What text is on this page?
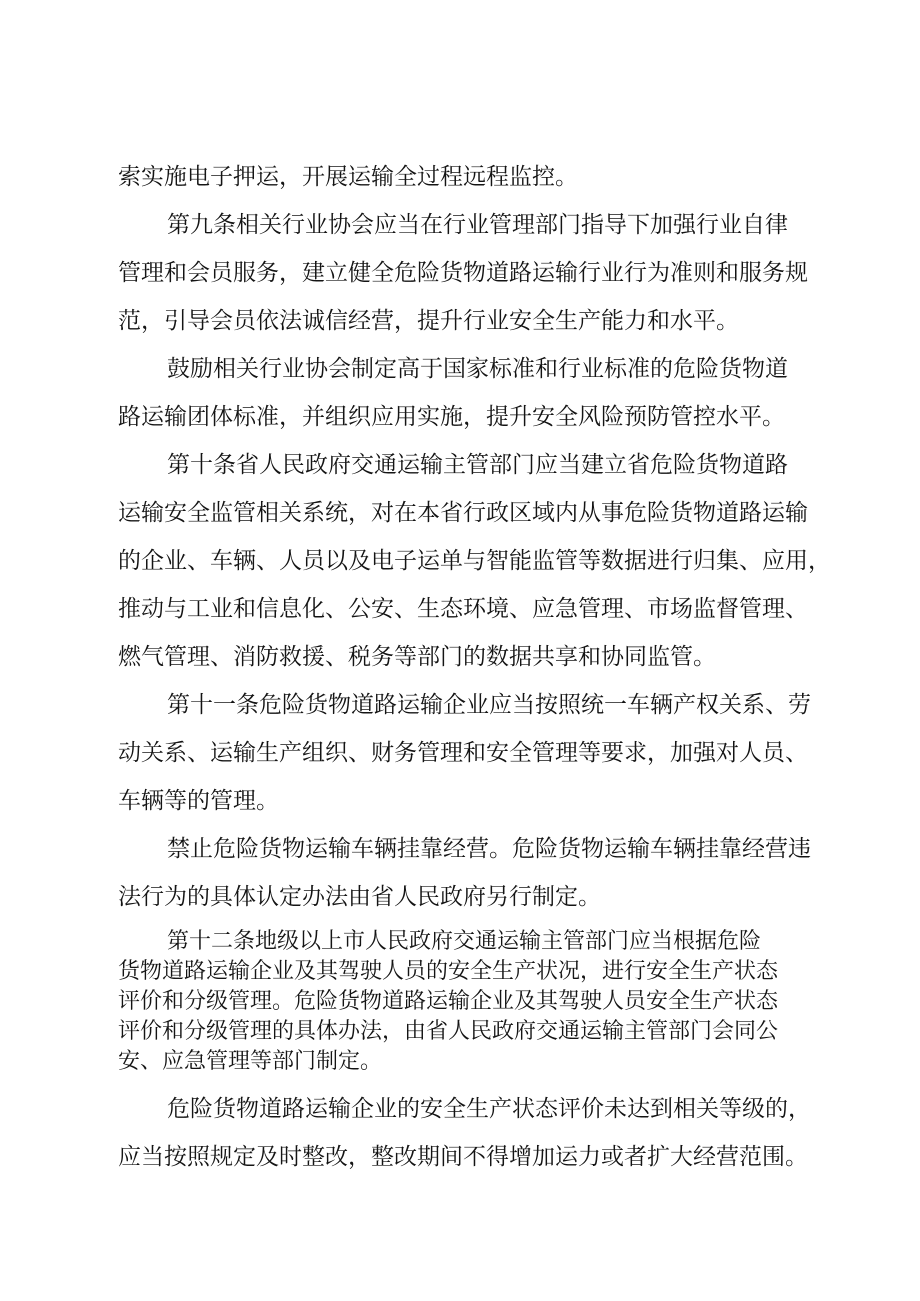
索实施电子押运，开展运输全过程远程监控。
第九条相关行业协会应当在行业管理部门指导下加强行业自律
管理和会员服务，建立健全危险货物道路运输行业行为准则和服务规
范，引导会员依法诚信经营，提升行业安全生产能力和水平。
鼓励相关行业协会制定高于国家标准和行业标准的危险货物道
路运输团体标准，并组织应用实施，提升安全风险预防管控水平。
第十条省人民政府交通运输主管部门应当建立省危险货物道路
运输安全监管相关系统，对在本省行政区域内从事危险货物道路运输
的企业、车辆、人员以及电子运单与智能监管等数据进行归集、应用，
推动与工业和信息化、公安、生态环境、应急管理、市场监督管理、
燃气管理、消防救援、税务等部门的数据共享和协同监管。
第十一条危险货物道路运输企业应当按照统一车辆产权关系、劳
动关系、运输生产组织、财务管理和安全管理等要求，加强对人员、
车辆等的管理。
禁止危险货物运输车辆挂靠经营。危险货物运输车辆挂靠经营违
法行为的具体认定办法由省人民政府另行制定。
第十二条地级以上市人民政府交通运输主管部门应当根据危险
货物道路运输企业及其驾驶人员的安全生产状况，进行安全生产状态
评价和分级管理。危险货物道路运输企业及其驾驶人员安全生产状态
评价和分级管理的具体办法，由省人民政府交通运输主管部门会同公
安、应急管理等部门制定。
危险货物道路运输企业的安全生产状态评价未达到相关等级的，
应当按照规定及时整改，整改期间不得增加运力或者扩大经营范围。
